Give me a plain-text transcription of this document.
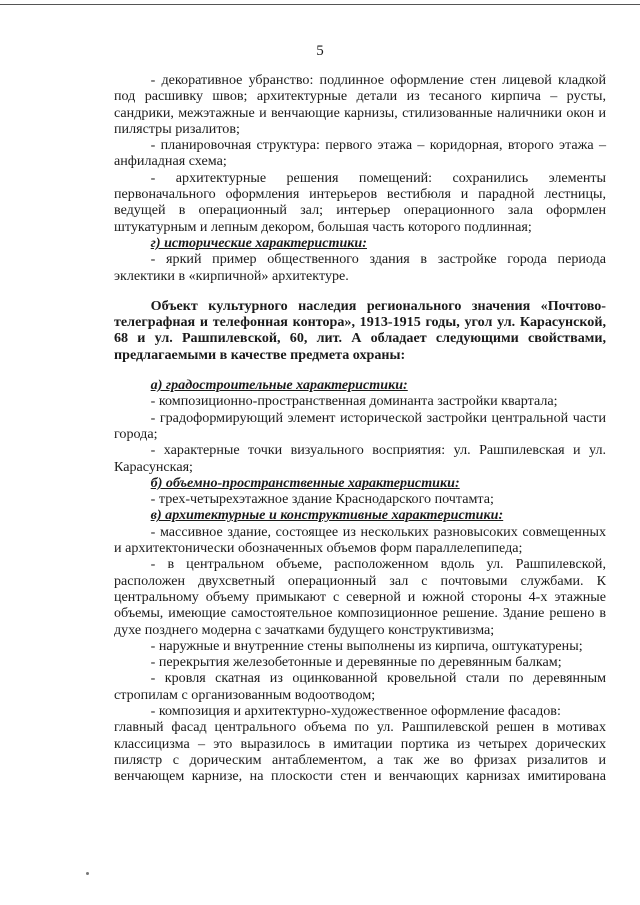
5

- декоративное убранство: подлинное оформление стен лицевой кладкой под расшивку швов; архитектурные детали из тесаного кирпича – русты, сандрики, межэтажные и венчающие карнизы, стилизованные наличники окон и пилястры ризалитов;

- планировочная структура: первого этажа – коридорная, второго этажа – анфиладная схема;

- архитектурные решения помещений: сохранились элементы первоначального оформления интерьеров вестибюля и парадной лестницы, ведущей в операционный зал; интерьер операционного зала оформлен штукатурным и лепным декором, большая часть которого подлинная;

г) исторические характеристики:

- яркий пример общественного здания в застройке города периода эклектики в «кирпичной» архитектуре.

Объект культурного наследия регионального значения «Почтово-телеграфная и телефонная контора», 1913-1915 годы, угол ул. Карасунской, 68 и ул. Рашпилевской, 60, лит. А обладает следующими свойствами, предлагаемыми в качестве предмета охраны:

а) градостроительные характеристики:

- композиционно-пространственная доминанта застройки квартала;

- градоформирующий элемент исторической застройки центральной части города;

- характерные точки визуального восприятия: ул. Рашпилевская и ул. Карасунская;

б) объемно-пространственные характеристики:

- трех-четырехэтажное здание Краснодарского почтамта;

в) архитектурные и конструктивные характеристики:

- массивное здание, состоящее из нескольких разновысоких совмещенных и архитектонически обозначенных объемов форм параллелепипеда;

- в центральном объеме, расположенном вдоль ул. Рашпилевской, расположен двухсветный операционный зал с почтовыми службами. К центральному объему примыкают с северной и южной стороны 4-х этажные объемы, имеющие самостоятельное композиционное решение. Здание решено в духе позднего модерна с зачатками будущего конструктивизма;

- наружные и внутренние стены выполнены из кирпича, оштукатурены;

- перекрытия железобетонные и деревянные по деревянным балкам;

- кровля скатная из оцинкованной кровельной стали по деревянным стропилам с организованным водоотводом;

- композиция и архитектурно-художественное оформление фасадов:

главный фасад центрального объема по ул. Рашпилевской решен в мотивах классицизма – это выразилось в имитации портика из четырех дорических пилястр с дорическим антаблементом, а так же во фризах ризалитов и венчающем карнизе, на плоскости стен и венчающих карнизах имитирована
